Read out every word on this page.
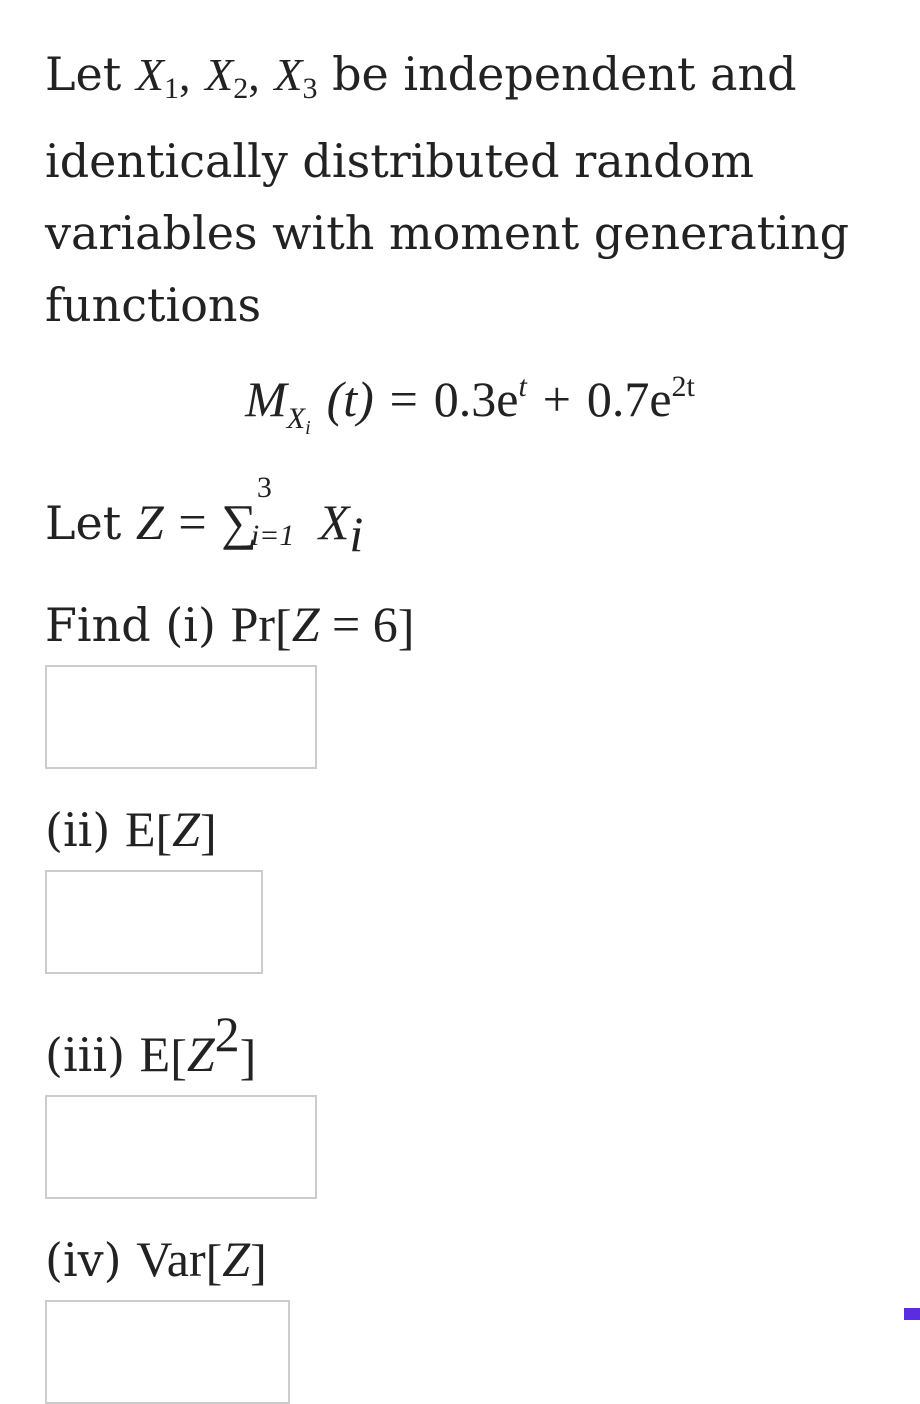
Let $X_1$, $X_2$, $X_3$ be independent and identically distributed random variables with moment generating functions

$M_{X_i}$ $(t) = 0.3e^t + 0.7e^{2t}$

Let Z = ∑
3
i=1 Xi

Find (i) Pr[Z = 6]

(ii) E[Z]

(iii) E[Z2]

(iv) Var[Z]
